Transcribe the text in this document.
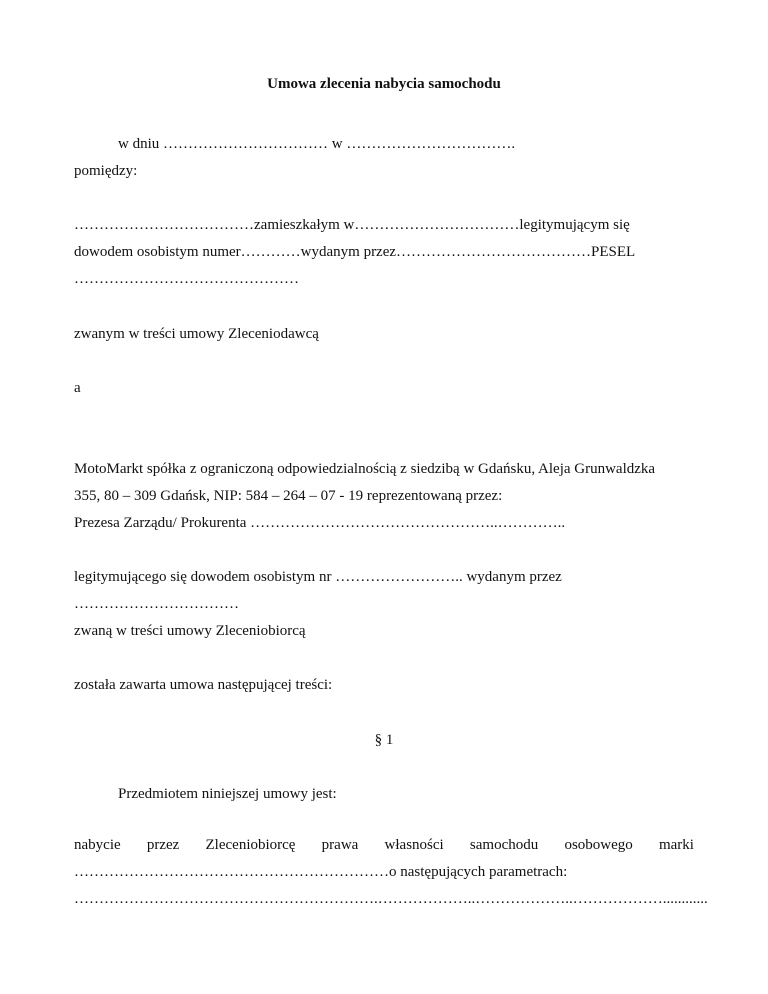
Umowa zlecenia nabycia samochodu
w dniu …………………………… w …………………………….
pomiędzy:
………………………………zamieszkałym w……………………………legitymującym się
dowodem osobistym numer…………wydanym przez…………………………………PESEL
………………………………………
zwanym w treści umowy Zleceniodawcą
a
MotoMarkt spółka z ograniczoną odpowiedzialnością z siedzibą w Gdańsku, Aleja Grunwaldzka
355, 80 – 309 Gdańsk, NIP: 584 – 264 – 07 - 19 reprezentowaną przez:
Prezesa Zarządu/ Prokurenta …………………………………………..…………..
legitymującego się dowodem osobistym nr …………………….. wydanym przez
……………………………
zwaną w treści umowy Zleceniobiorcą
została zawarta umowa następującej treści:
§ 1
Przedmiotem niniejszej umowy jest:
nabycie przez Zleceniobiorcę prawa własności samochodu osobowego marki
………………………………………………………o następujących parametrach:
…………………………………………………….………………..………………..………………............
